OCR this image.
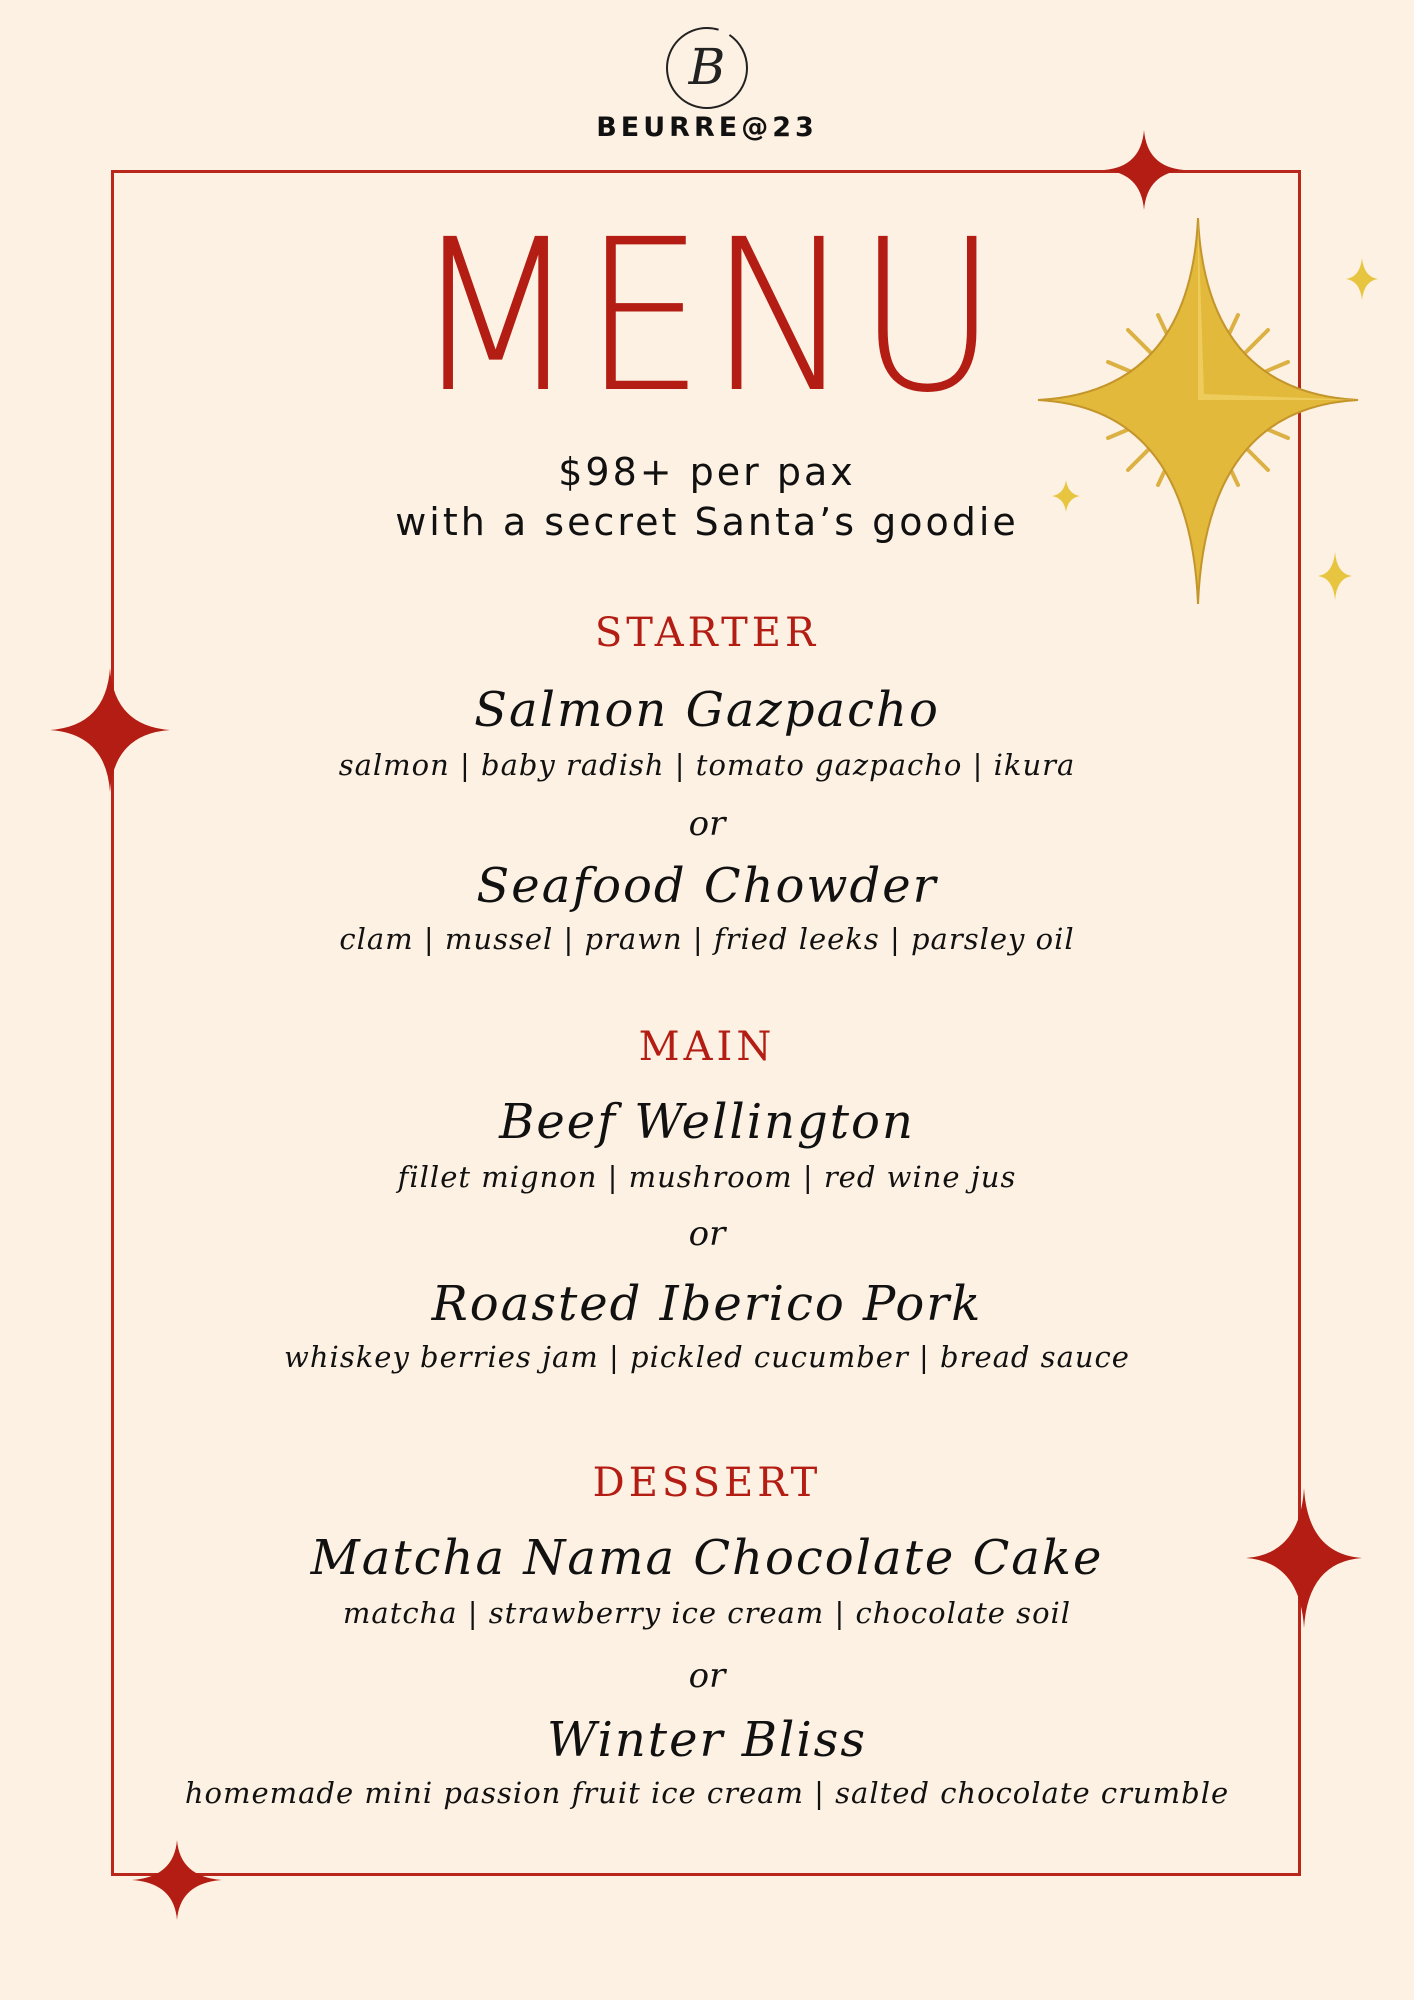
B
BEURRE@23
MENU
$98+ per pax
with a secret Santa’s goodie
STARTER
Salmon Gazpacho
salmon | baby radish | tomato gazpacho | ikura
or
Seafood Chowder
clam | mussel | prawn | fried leeks | parsley oil
MAIN
Beef Wellington
fillet mignon | mushroom | red wine jus
or
Roasted Iberico Pork
whiskey berries jam | pickled cucumber | bread sauce
DESSERT
Matcha Nama Chocolate Cake
matcha | strawberry ice cream | chocolate soil
or
Winter Bliss
homemade mini passion fruit ice cream | salted chocolate crumble
